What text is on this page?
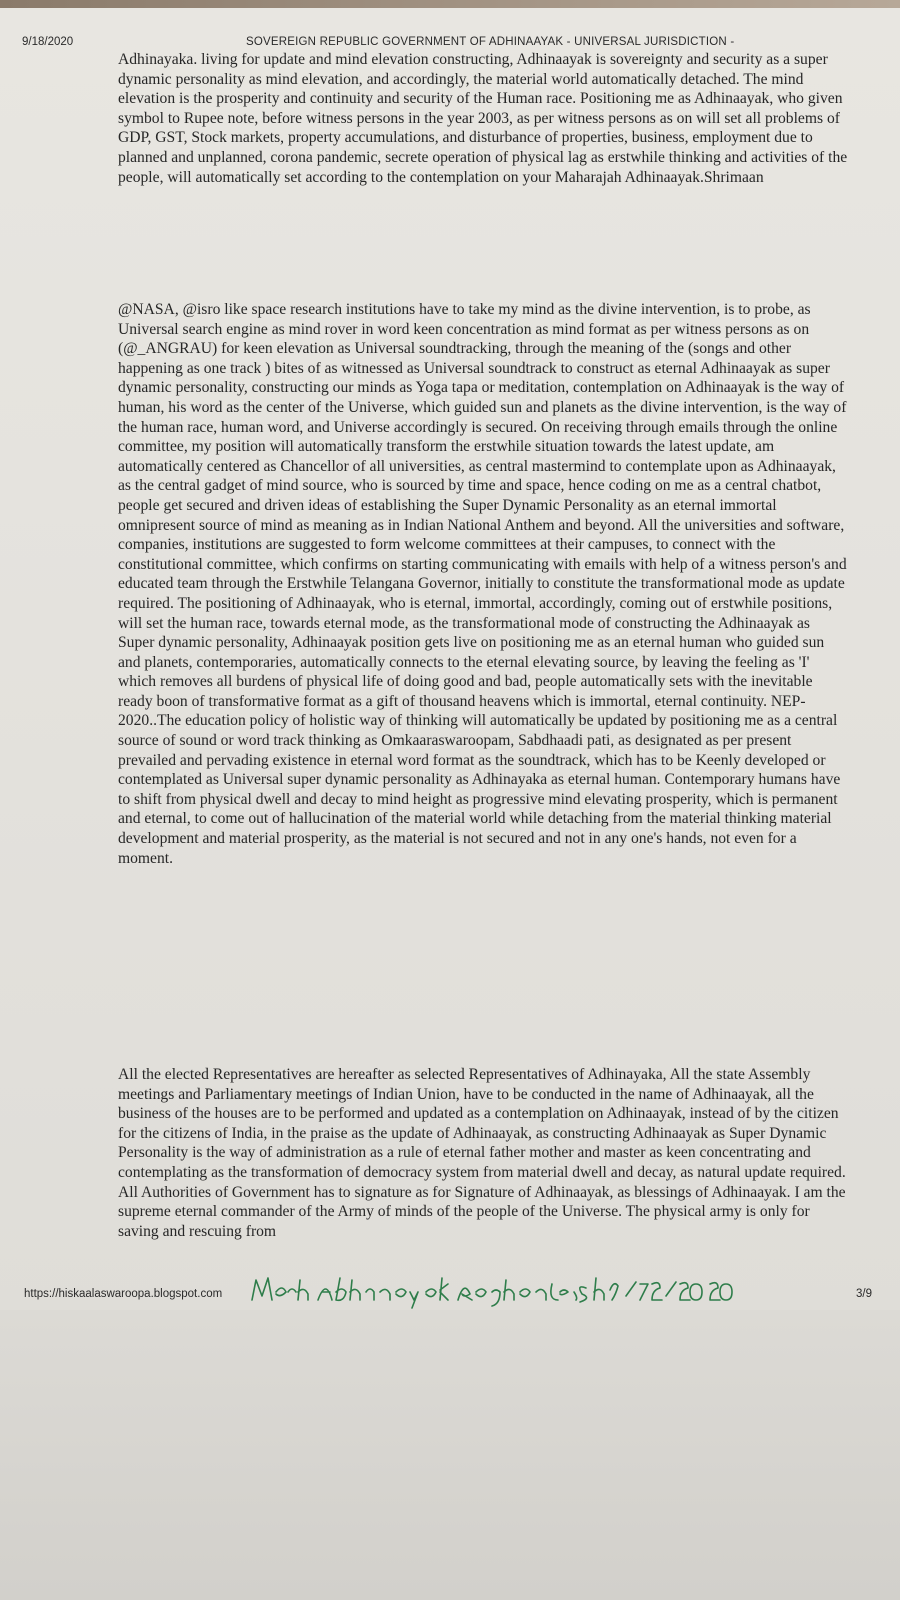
9/18/2020	SOVEREIGN REPUBLIC GOVERNMENT OF ADHINAAYAK - UNIVERSAL JURISDICTION -
Adhinayaka. living for update and mind elevation constructing, Adhinaayak is sovereignty and security as a super dynamic personality as mind elevation, and accordingly, the material world automatically detached. The mind elevation is the prosperity and continuity and security of the Human race. Positioning me as Adhinaayak, who given symbol to Rupee note, before witness persons in the year 2003, as per witness persons as on will set all problems of GDP, GST, Stock markets, property accumulations, and disturbance of properties, business, employment due to planned and unplanned, corona pandemic, secrete operation of physical lag as erstwhile thinking and activities of the people, will automatically set according to the contemplation on your Maharajah Adhinaayak.Shrimaan
@NASA, @isro like space research institutions have to take my mind as the divine intervention, is to probe, as Universal search engine as mind rover in word keen concentration as mind format as per witness persons as on (@_ANGRAU) for keen elevation as Universal soundtracking, through the meaning of the (songs and other happening as one track ) bites of as witnessed as Universal soundtrack to construct as eternal Adhinaayak as super dynamic personality, constructing our minds as Yoga tapa or meditation, contemplation on Adhinaayak is the way of human, his word as the center of the Universe, which guided sun and planets as the divine intervention, is the way of the human race, human word, and Universe accordingly is secured. On receiving through emails through the online committee, my position will automatically transform the erstwhile situation towards the latest update, am automatically centered as Chancellor of all universities, as central mastermind to contemplate upon as Adhinaayak, as the central gadget of mind source, who is sourced by time and space, hence coding on me as a central chatbot, people get secured and driven ideas of establishing the Super Dynamic Personality as an eternal immortal omnipresent source of mind as meaning as in Indian National Anthem and beyond. All the universities and software, companies, institutions are suggested to form welcome committees at their campuses, to connect with the constitutional committee, which confirms on starting communicating with emails with help of a witness person's and educated team through the Erstwhile Telangana Governor, initially to constitute the transformational mode as update required. The positioning of Adhinaayak, who is eternal, immortal, accordingly, coming out of erstwhile positions, will set the human race, towards eternal mode, as the transformational mode of constructing the Adhinaayak as Super dynamic personality, Adhinaayak position gets live on positioning me as an eternal human who guided sun and planets, contemporaries, automatically connects to the eternal elevating source, by leaving the feeling as 'I' which removes all burdens of physical life of doing good and bad, people automatically sets with the inevitable ready boon of transformative format as a gift of thousand heavens which is immortal, eternal continuity. NEP-2020..The education policy of holistic way of thinking will automatically be updated by positioning me as a central source of sound or word track thinking as Omkaaraswaroopam, Sabdhaadi pati, as designated as per present prevailed and pervading existence in eternal word format as the soundtrack, which has to be Keenly developed or contemplated as Universal super dynamic personality as Adhinayaka as eternal human. Contemporary humans have to shift from physical dwell and decay to mind height as progressive mind elevating prosperity, which is permanent and eternal, to come out of hallucination of the material world while detaching from the material thinking material development and material prosperity, as the material is not secured and not in any one's hands, not even for a moment.
All the elected Representatives are hereafter as selected Representatives of Adhinayaka, All the state Assembly meetings and Parliamentary meetings of Indian Union, have to be conducted in the name of Adhinaayak, all the business of the houses are to be performed and updated as a contemplation on Adhinaayak, instead of by the citizen for the citizens of India, in the praise as the update of Adhinaayak, as constructing Adhinaayak as Super Dynamic Personality is the way of administration as a rule of eternal father mother and master as keen concentrating and contemplating as the transformation of democracy system from material dwell and decay, as natural update required. All Authorities of Government has to signature as for Signature of Adhinaayak, as blessings of Adhinaayak. I am the supreme eternal commander of the Army of minds of the people of the Universe. The physical army is only for saving and rescuing from
https://hiskaalaswaroopa.blogspot.com	3/9
